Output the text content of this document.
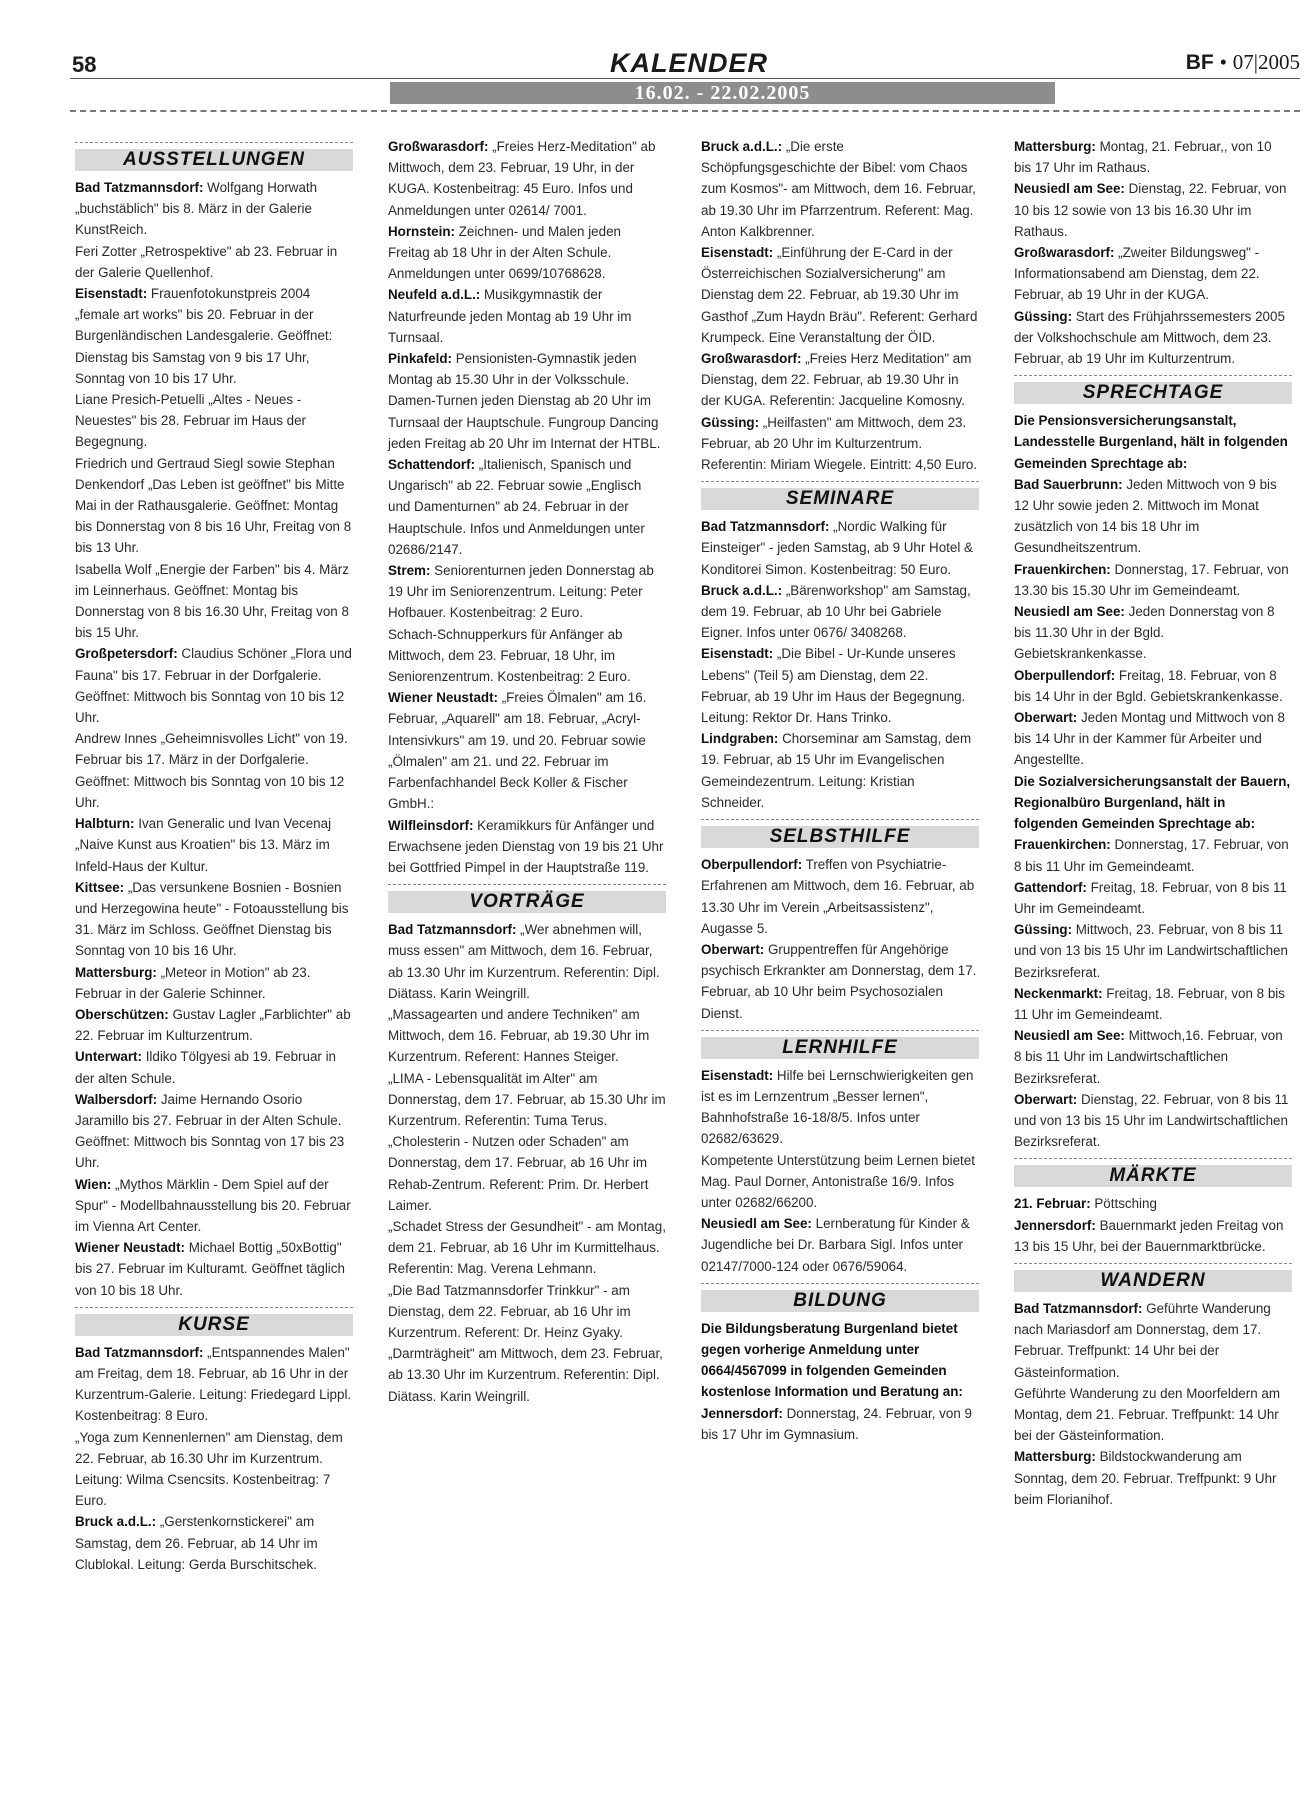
58	KALENDER
16.02. - 22.02.2005
BF • 07|2005
AUSSTELLUNGEN

Bad Tatzmannsdorf: Wolfgang Horwath „buchstäblich" bis 8. März in der Galerie KunstReich.

Feri Zotter „Retrospektive" ab 23. Februar in der Galerie Quellenhof.

Eisenstadt: Frauenfotokunstpreis 2004 „female art works" bis 20. Februar in der Burgenländischen Landesgalerie. Geöffnet: Dienstag bis Samstag von 9 bis 17 Uhr, Sonntag von 10 bis 17 Uhr.

Liane Presich-Petuelli „Altes - Neues - Neuestes" bis 28. Februar im Haus der Begegnung.

Friedrich und Gertraud Siegl sowie Stephan Denkendorf „Das Leben ist geöffnet" bis Mitte Mai in der Rathausgalerie. Geöffnet: Montag bis Donnerstag von 8 bis 16 Uhr, Freitag von 8 bis 13 Uhr.

Isabella Wolf „Energie der Farben" bis 4. März im Leinnerhaus. Geöffnet: Montag bis Donnerstag von 8 bis 16.30 Uhr, Freitag von 8 bis 15 Uhr.

Großpetersdorf: Claudius Schöner „Flora und Fauna" bis 17. Februar in der Dorfgalerie. Geöffnet: Mittwoch bis Sonntag von 10 bis 12 Uhr.

Andrew Innes „Geheimnisvolles Licht" von 19. Februar bis 17. März in der Dorfgalerie. Geöffnet: Mittwoch bis Sonntag von 10 bis 12 Uhr.

Halbturn: Ivan Generalic und Ivan Vecenaj „Naive Kunst aus Kroatien" bis 13. März im Infeld-Haus der Kultur.

Kittsee: „Das versunkene Bosnien - Bosnien und Herzegowina heute" - Fotoausstellung bis 31. März im Schloss. Geöffnet Dienstag bis Sonntag von 10 bis 16 Uhr.

Mattersburg: „Meteor in Motion" ab 23. Februar in der Galerie Schinner.

Oberschützen: Gustav Lagler „Farblichter" ab 22. Februar im Kulturzentrum.

Unterwart: Ildiko Tölgyesi ab 19. Februar in der alten Schule.

Walbersdorf: Jaime Hernando Osorio Jaramillo bis 27. Februar in der Alten Schule. Geöffnet: Mittwoch bis Sonntag von 17 bis 23 Uhr.

Wien: „Mythos Märklin - Dem Spiel auf der Spur" - Modellbahnausstellung bis 20. Februar im Vienna Art Center.

Wiener Neustadt: Michael Bottig „50xBottig" bis 27. Februar im Kulturamt. Geöffnet täglich von 10 bis 18 Uhr.

KURSE

Bad Tatzmannsdorf: „Entspannendes Malen" am Freitag, dem 18. Februar, ab 16 Uhr in der Kurzentrum-Galerie. Leitung: Friedegard Lippl. Kostenbeitrag: 8 Euro.

„Yoga zum Kennenlernen" am Dienstag, dem 22. Februar, ab 16.30 Uhr im Kurzentrum. Leitung: Wilma Csencsits. Kostenbeitrag: 7 Euro.

Bruck a.d.L.: „Gerstenkornstickerei" am Samstag, dem 26. Februar, ab 14 Uhr im Clublokal. Leitung: Gerda Burschitschek.

Großwarasdorf: „Freies Herz-Meditation" ab Mittwoch, dem 23. Februar, 19 Uhr, in der KUGA. Kostenbeitrag: 45 Euro. Infos und Anmeldungen unter 02614/ 7001.

Hornstein: Zeichnen- und Malen jeden Freitag ab 18 Uhr in der Alten Schule. Anmeldungen unter 0699/10768628.

Neufeld a.d.L.: Musikgymnastik der Naturfreunde jeden Montag ab 19 Uhr im Turnsaal.

Pinkafeld: Pensionisten-Gymnastik jeden Montag ab 15.30 Uhr in der Volksschule.

Damen-Turnen jeden Dienstag ab 20 Uhr im Turnsaal der Hauptschule. Fungroup Dancing jeden Freitag ab 20 Uhr im Internat der HTBL.

Schattendorf: „Italienisch, Spanisch und Ungarisch" ab 22. Februar sowie „Englisch und Damenturnen" ab 24. Februar in der Hauptschule. Infos und Anmeldungen unter 02686/2147.

Strem: Seniorenturnen jeden Donnerstag ab 19 Uhr im Seniorenzentrum. Leitung: Peter Hofbauer. Kostenbeitrag: 2 Euro.

Schach-Schnupperkurs für Anfänger ab Mittwoch, dem 23. Februar, 18 Uhr, im Seniorenzentrum. Kostenbeitrag: 2 Euro.

Wiener Neustadt: „Freies Ölmalen" am 16. Februar, „Aquarell" am 18. Februar, „Acryl-Intensivkurs" am 19. und 20. Februar sowie „Ölmalen" am 21. und 22. Februar im Farbenfachhandel Beck Koller & Fischer GmbH.:

Wilfleinsdorf: Keramikkurs für Anfänger und Erwachsene jeden Dienstag von 19 bis 21 Uhr bei Gottfried Pimpel in der Hauptstraße 119.

VORTRÄGE

Bad Tatzmannsdorf: „Wer abnehmen will, muss essen" am Mittwoch, dem 16. Februar, ab 13.30 Uhr im Kurzentrum. Referentin: Dipl. Diätass. Karin Weingrill.

„Massagearten und andere Techniken" am Mittwoch, dem 16. Februar, ab 19.30 Uhr im Kurzentrum. Referent: Hannes Steiger.

„LIMA - Lebensqualität im Alter" am Donnerstag, dem 17. Februar, ab 15.30 Uhr im Kurzentrum. Referentin: Tuma Terus.

„Cholesterin - Nutzen oder Schaden" am Donnerstag, dem 17. Februar, ab 16 Uhr im Rehab-Zentrum. Referent: Prim. Dr. Herbert Laimer.

„Schadet Stress der Gesundheit" - am Montag, dem 21. Februar, ab 16 Uhr im Kurmittelhaus. Referentin: Mag. Verena Lehmann.

„Die Bad Tatzmannsdorfer Trinkkur" - am Dienstag, dem 22. Februar, ab 16 Uhr im Kurzentrum. Referent: Dr. Heinz Gyaky.

„Darmträgheit" am Mittwoch, dem 23. Februar, ab 13.30 Uhr im Kurzentrum. Referentin: Dipl. Diätass. Karin Weingrill.

Bruck a.d.L.: „Die erste Schöpfungsgeschichte der Bibel: vom Chaos zum Kosmos"- am Mittwoch, dem 16. Februar, ab 19.30 Uhr im Pfarrzentrum. Referent: Mag. Anton Kalkbrenner.

Eisenstadt: „Einführung der E-Card in der Österreichischen Sozialversicherung" am Dienstag dem 22. Februar, ab 19.30 Uhr im Gasthof „Zum Haydn Bräu". Referent: Gerhard Krumpeck. Eine Veranstaltung der ÖID.

Großwarasdorf: „Freies Herz Meditation" am Dienstag, dem 22. Februar, ab 19.30 Uhr in der KUGA. Referentin: Jacqueline Komosny.

Güssing: „Heilfasten" am Mittwoch, dem 23. Februar, ab 20 Uhr im Kulturzentrum. Referentin: Miriam Wiegele. Eintritt: 4,50 Euro.

SEMINARE

Bad Tatzmannsdorf: „Nordic Walking für Einsteiger" - jeden Samstag, ab 9 Uhr Hotel & Konditorei Simon. Kostenbeitrag: 50 Euro.

Bruck a.d.L.: „Bärenworkshop" am Samstag, dem 19. Februar, ab 10 Uhr bei Gabriele Eigner. Infos unter 0676/ 3408268.

Eisenstadt: „Die Bibel - Ur-Kunde unseres Lebens" (Teil 5) am Dienstag, dem 22. Februar, ab 19 Uhr im Haus der Begegnung. Leitung: Rektor Dr. Hans Trinko.

Lindgraben: Chorseminar am Samstag, dem 19. Februar, ab 15 Uhr im Evangelischen Gemeindezentrum. Leitung: Kristian Schneider.

SELBSTHILFE

Oberpullendorf: Treffen von Psychiatrie-Erfahrenen am Mittwoch, dem 16. Februar, ab 13.30 Uhr im Verein „Arbeitsassistenz", Augasse 5.

Oberwart: Gruppentreffen für Angehörige psychisch Erkrankter am Donnerstag, dem 17. Februar, ab 10 Uhr beim Psychosozialen Dienst.

LERNHILFE

Eisenstadt: Hilfe bei Lernschwierigkeiten gen ist es im Lernzentrum „Besser lernen", Bahnhofstraße 16-18/8/5. Infos unter 02682/63629.

Kompetente Unterstützung beim Lernen bietet Mag. Paul Dorner, Antonistraße 16/9. Infos unter 02682/66200.

Neusiedl am See: Lernberatung für Kinder & Jugendliche bei Dr. Barbara Sigl. Infos unter 02147/7000-124 oder 0676/59064.

BILDUNG

Die Bildungsberatung Burgenland bietet gegen vorherige Anmeldung unter 0664/4567099 in folgenden Gemeinden kostenlose Information und Beratung an:

Jennersdorf: Donnerstag, 24. Februar, von 9 bis 17 Uhr im Gymnasium.

Mattersburg: Montag, 21. Februar,, von 10 bis 17 Uhr im Rathaus.

Neusiedl am See: Dienstag, 22. Februar, von 10 bis 12 sowie von 13 bis 16.30 Uhr im Rathaus.

Großwarasdorf: „Zweiter Bildungsweg" - Informationsabend am Dienstag, dem 22. Februar, ab 19 Uhr in der KUGA.

Güssing: Start des Frühjahrssemesters 2005 der Volkshochschule am Mittwoch, dem 23. Februar, ab 19 Uhr im Kulturzentrum.

SPRECHTAGE

Die Pensionsversicherungsanstalt, Landesstelle Burgenland, hält in folgenden Gemeinden Sprechtage ab:

Bad Sauerbrunn: Jeden Mittwoch von 9 bis 12 Uhr sowie jeden 2. Mittwoch im Monat zusätzlich von 14 bis 18 Uhr im Gesundheitszentrum.

Frauenkirchen: Donnerstag, 17. Februar, von 13.30 bis 15.30 Uhr im Gemeindeamt.

Neusiedl am See: Jeden Donnerstag von 8 bis 11.30 Uhr in der Bgld. Gebietskrankenkasse.

Oberpullendorf: Freitag, 18. Februar, von 8 bis 14 Uhr in der Bgld. Gebietskrankenkasse.

Oberwart: Jeden Montag und Mittwoch von 8 bis 14 Uhr in der Kammer für Arbeiter und Angestellte.

Die Sozialversicherungsanstalt der Bauern, Regionalbüro Burgenland, hält in folgenden Gemeinden Sprechtage ab:

Frauenkirchen: Donnerstag, 17. Februar, von 8 bis 11 Uhr im Gemeindeamt.

Gattendorf: Freitag, 18. Februar, von 8 bis 11 Uhr im Gemeindeamt.

Güssing: Mittwoch, 23. Februar, von 8 bis 11 und von 13 bis 15 Uhr im Landwirtschaftlichen Bezirksreferat.

Neckenmarkt: Freitag, 18. Februar, von 8 bis 11 Uhr im Gemeindeamt.

Neusiedl am See: Mittwoch,16. Februar, von 8 bis 11 Uhr im Landwirtschaftlichen Bezirksreferat.

Oberwart: Dienstag, 22. Februar, von 8 bis 11 und von 13 bis 15 Uhr im Landwirtschaftlichen Bezirksreferat.

MÄRKTE

21. Februar: Pöttsching

Jennersdorf: Bauernmarkt jeden Freitag von 13 bis 15 Uhr, bei der Bauernmarktbrücke.

WANDERN

Bad Tatzmannsdorf: Geführte Wanderung nach Mariasdorf am Donnerstag, dem 17. Februar. Treffpunkt: 14 Uhr bei der Gästeinformation.

Geführte Wanderung zu den Moorfeldern am Montag, dem 21. Februar. Treffpunkt: 14 Uhr bei der Gästeinformation.

Mattersburg: Bildstockwanderung am Sonntag, dem 20. Februar. Treffpunkt: 9 Uhr beim Florianihof.
